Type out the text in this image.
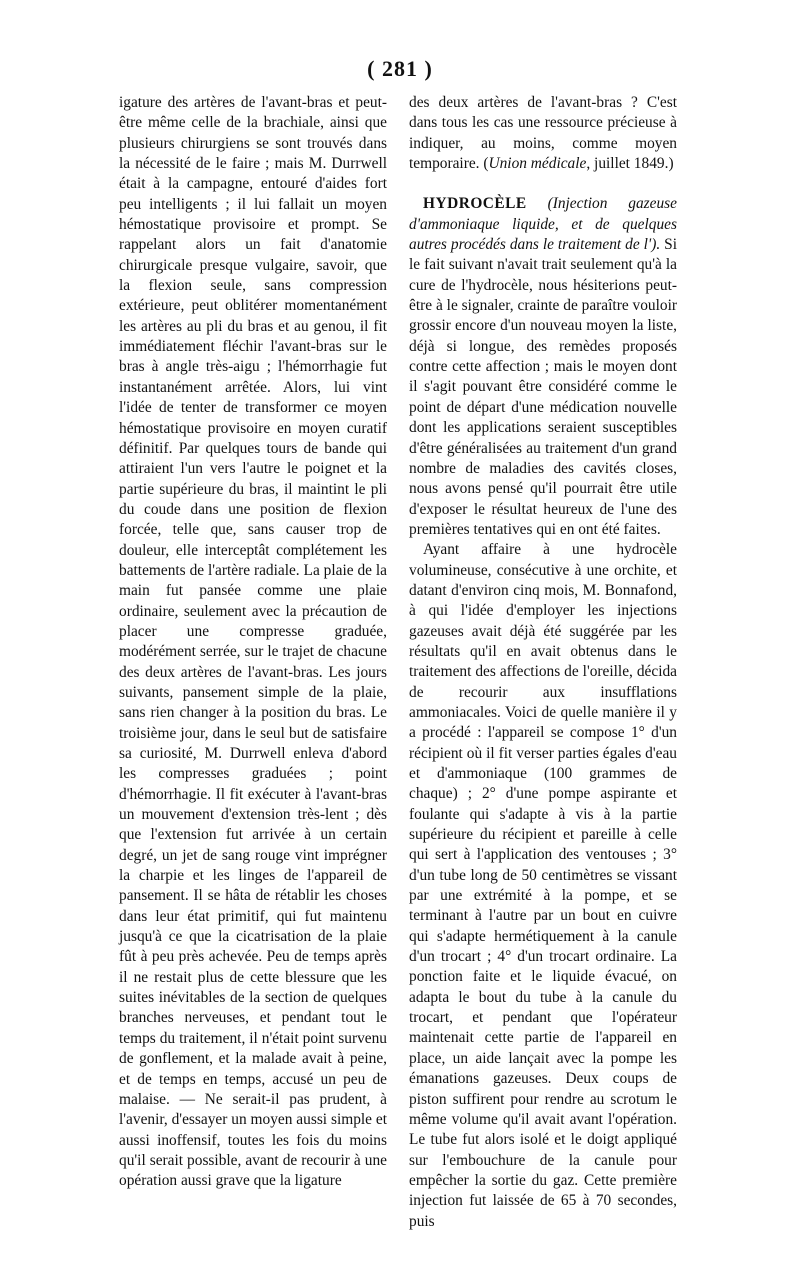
( 281 )

igature des artères de l'avant-bras et peut-être même celle de la brachiale, ainsi que plusieurs chirurgiens se sont trouvés dans la nécessité de le faire ; mais M. Durrwell était à la campagne, entouré d'aides fort peu intelligents ; il lui fallait un moyen hémostatique provisoire et prompt. Se rappelant alors un fait d'anatomie chirurgicale presque vulgaire, savoir, que la flexion seule, sans compression extérieure, peut oblitérer momentanément les artères au pli du bras et au genou, il fit immédiatement fléchir l'avant-bras sur le bras à angle très-aigu ; l'hémorrhagie fut instantanément arrêtée. Alors, lui vint l'idée de tenter de transformer ce moyen hémostatique provisoire en moyen curatif définitif. Par quelques tours de bande qui attiraient l'un vers l'autre le poignet et la partie supérieure du bras, il maintint le pli du coude dans une position de flexion forcée, telle que, sans causer trop de douleur, elle interceptât complétement les battements de l'artère radiale. La plaie de la main fut pansée comme une plaie ordinaire, seulement avec la précaution de placer une compresse graduée, modérément serrée, sur le trajet de chacune des deux artères de l'avant-bras. Les jours suivants, pansement simple de la plaie, sans rien changer à la position du bras. Le troisième jour, dans le seul but de satisfaire sa curiosité, M. Durrwell enleva d'abord les compresses graduées ; point d'hémorrhagie. Il fit exécuter à l'avant-bras un mouvement d'extension très-lent ; dès que l'extension fut arrivée à un certain degré, un jet de sang rouge vint imprégner la charpie et les linges de l'appareil de pansement. Il se hâta de rétablir les choses dans leur état primitif, qui fut maintenu jusqu'à ce que la cicatrisation de la plaie fût à peu près achevée. Peu de temps après il ne restait plus de cette blessure que les suites inévitables de la section de quelques branches nerveuses, et pendant tout le temps du traitement, il n'était point survenu de gonflement, et la malade avait à peine, et de temps en temps, accusé un peu de malaise. — Ne serait-il pas prudent, à l'avenir, d'essayer un moyen aussi simple et aussi inoffensif, toutes les fois du moins qu'il serait possible, avant de recourir à une opération aussi grave que la ligature

des deux artères de l'avant-bras ? C'est dans tous les cas une ressource précieuse à indiquer, au moins, comme moyen temporaire. (Union médicale, juillet 1849.)

HYDROCÈLE (Injection gazeuse d'ammoniaque liquide, et de quelques autres procédés dans le traitement de l'). Si le fait suivant n'avait trait seulement qu'à la cure de l'hydrocèle, nous hésiterions peut-être à le signaler, crainte de paraître vouloir grossir encore d'un nouveau moyen la liste, déjà si longue, des remèdes proposés contre cette affection ; mais le moyen dont il s'agit pouvant être considéré comme le point de départ d'une médication nouvelle dont les applications seraient susceptibles d'être généralisées au traitement d'un grand nombre de maladies des cavités closes, nous avons pensé qu'il pourrait être utile d'exposer le résultat heureux de l'une des premières tentatives qui en ont été faites.

Ayant affaire à une hydrocèle volumineuse, consécutive à une orchite, et datant d'environ cinq mois, M. Bonnafond, à qui l'idée d'employer les injections gazeuses avait déjà été suggérée par les résultats qu'il en avait obtenus dans le traitement des affections de l'oreille, décida de recourir aux insufflations ammoniacales. Voici de quelle manière il y a procédé : l'appareil se compose 1° d'un récipient où il fit verser parties égales d'eau et d'ammoniaque (100 grammes de chaque) ; 2° d'une pompe aspirante et foulante qui s'adapte à vis à la partie supérieure du récipient et pareille à celle qui sert à l'application des ventouses ; 3° d'un tube long de 50 centimètres se vissant par une extrémité à la pompe, et se terminant à l'autre par un bout en cuivre qui s'adapte hermétiquement à la canule d'un trocart ; 4° d'un trocart ordinaire. La ponction faite et le liquide évacué, on adapta le bout du tube à la canule du trocart, et pendant que l'opérateur maintenait cette partie de l'appareil en place, un aide lançait avec la pompe les émanations gazeuses. Deux coups de piston suffirent pour rendre au scrotum le même volume qu'il avait avant l'opération. Le tube fut alors isolé et le doigt appliqué sur l'embouchure de la canule pour empêcher la sortie du gaz. Cette première injection fut laissée de 65 à 70 secondes, puis
